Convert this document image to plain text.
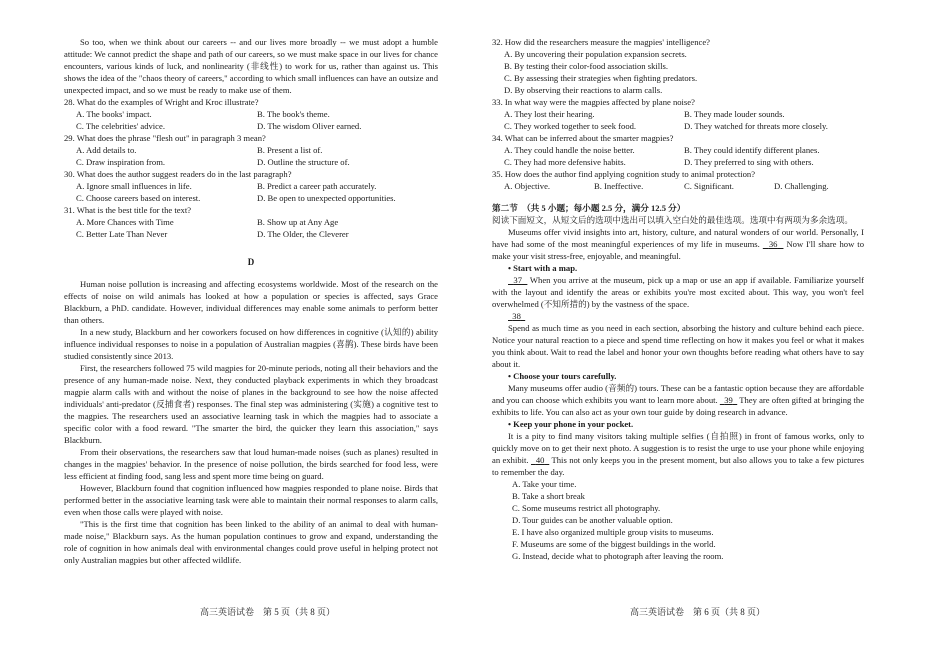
So too, when we think about our careers -- and our lives more broadly -- we must adopt a humble attitude: We cannot predict the shape and path of our careers, so we must make space in our lives for chance encounters, various kinds of luck, and nonlinearity (非线性) to work for us, rather than against us. This shows the idea of the "chaos theory of careers," according to which small influences can have an outsize and unexpected impact, and so we must be ready to make use of them.

28. What do the examples of Wright and Kroc illustrate?
A. The books' impact.	B. The book's theme.
C. The celebrities' advice.	D. The wisdom Oliver earned.
29. What does the phrase "flesh out" in paragraph 3 mean?
A. Add details to.	B. Present a list of.
C. Draw inspiration from.	D. Outline the structure of.
30. What does the author suggest readers do in the last paragraph?
A. Ignore small influences in life.	B. Predict a career path accurately.
C. Choose careers based on interest.	D. Be open to unexpected opportunities.
31. What is the best title for the text?
A. More Chances with Time	B. Show up at Any Age
C. Better Late Than Never	D. The Older, the Cleverer
D

Human noise pollution is increasing and affecting ecosystems worldwide. Most of the research on the effects of noise on wild animals has looked at how a population or species is affected, says Grace Blackburn, a PhD. candidate. However, individual differences may enable some animals to perform better than others.

In a new study, Blackburn and her coworkers focused on how differences in cognitive (认知的) ability influence individual responses to noise in a population of Australian magpies (喜鹊). These birds have been studied consistently since 2013.

First, the researchers followed 75 wild magpies for 20-minute periods, noting all their behaviors and the presence of any human-made noise. Next, they conducted playback experiments in which they broadcast magpie alarm calls with and without the noise of planes in the background to see how the noise affected individuals' anti-predator (反捕食者) responses. The final step was administering (实施) a cognitive test to the magpies. The researchers used an associative learning task in which the magpies had to associate a specific color with a food reward. "The smarter the bird, the quicker they learn this association," says Blackburn.

From their observations, the researchers saw that loud human-made noises (such as planes) resulted in changes in the magpies' behavior. In the presence of noise pollution, the birds searched for food less, were less efficient at finding food, sang less and spent more time being on guard.

However, Blackburn found that cognition influenced how magpies responded to plane noise. Birds that performed better in the associative learning task were able to maintain their normal responses to alarm calls, even when those calls were played with noise.

"This is the first time that cognition has been linked to the ability of an animal to deal with human-made noise," Blackburn says. As the human population continues to grow and expand, understanding the role of cognition in how animals deal with environmental changes could prove useful in helping protect not only Australian magpies but other affected wildlife.

32. How did the researchers measure the magpies' intelligence?
A. By uncovering their population expansion secrets.
B. By testing their color-food association skills.
C. By assessing their strategies when fighting predators.
D. By observing their reactions to alarm calls.
33. In what way were the magpies affected by plane noise?
A. They lost their hearing.	B. They made louder sounds.
C. They worked together to seek food.	D. They watched for threats more closely.
34. What can be inferred about the smarter magpies?
A. They could handle the noise better.	B. They could identify different planes.
C. They had more defensive habits.	D. They preferred to sing with others.
35. How does the author find applying cognition study to animal protection?
A. Objective.	B. Ineffective.	C. Significant.	D. Challenging.
第二节　（共 5 小题；每小题 2.5 分，满分 12.5 分）
阅读下面短文，从短文后的选项中选出可以填入空白处的最佳选项。选项中有两项为多余选项。

Museums offer vivid insights into art, history, culture, and natural wonders of our world. Personally, I have had some of the most meaningful experiences of my life in museums. 36   Now I'll share how to make your visit stress-free, enjoyable, and meaningful.

• Start with a map.

37   When you arrive at the museum, pick up a map or use an app if available. Familiarize yourself with the layout and identify the areas or exhibits you're most excited about. This way, you won't feel overwhelmed (不知所措的) by the vastness of the space.

38

Spend as much time as you need in each section, absorbing the history and culture behind each piece. Notice your natural reaction to a piece and spend time reflecting on how it makes you feel or what it makes you think about. Wait to read the label and honor your own thoughts before reading what others have to say about it.

• Choose your tours carefully.

Many museums offer audio (音频的) tours. These can be a fantastic option because they are affordable and you can choose which exhibits you want to learn more about. 39   They are often gifted at bringing the exhibits to life. You can also act as your own tour guide by doing research in advance.

• Keep your phone in your pocket.

It is a pity to find many visitors taking multiple selfies (自拍照) in front of famous works, only to quickly move on to get their next photo. A suggestion is to resist the urge to use your phone while enjoying an exhibit. 40   This not only keeps you in the present moment, but also allows you to take a few pictures to remember the day.

A. Take your time.
B. Take a short break
C. Some museums restrict all photography.
D. Tour guides can be another valuable option.
E. I have also organized multiple group visits to museums.
F. Museums are some of the biggest buildings in the world.
G. Instead, decide what to photograph after leaving the room.
高三英语试卷　第 5 页（共 8 页）	高三英语试卷　第 6 页（共 8 页）
